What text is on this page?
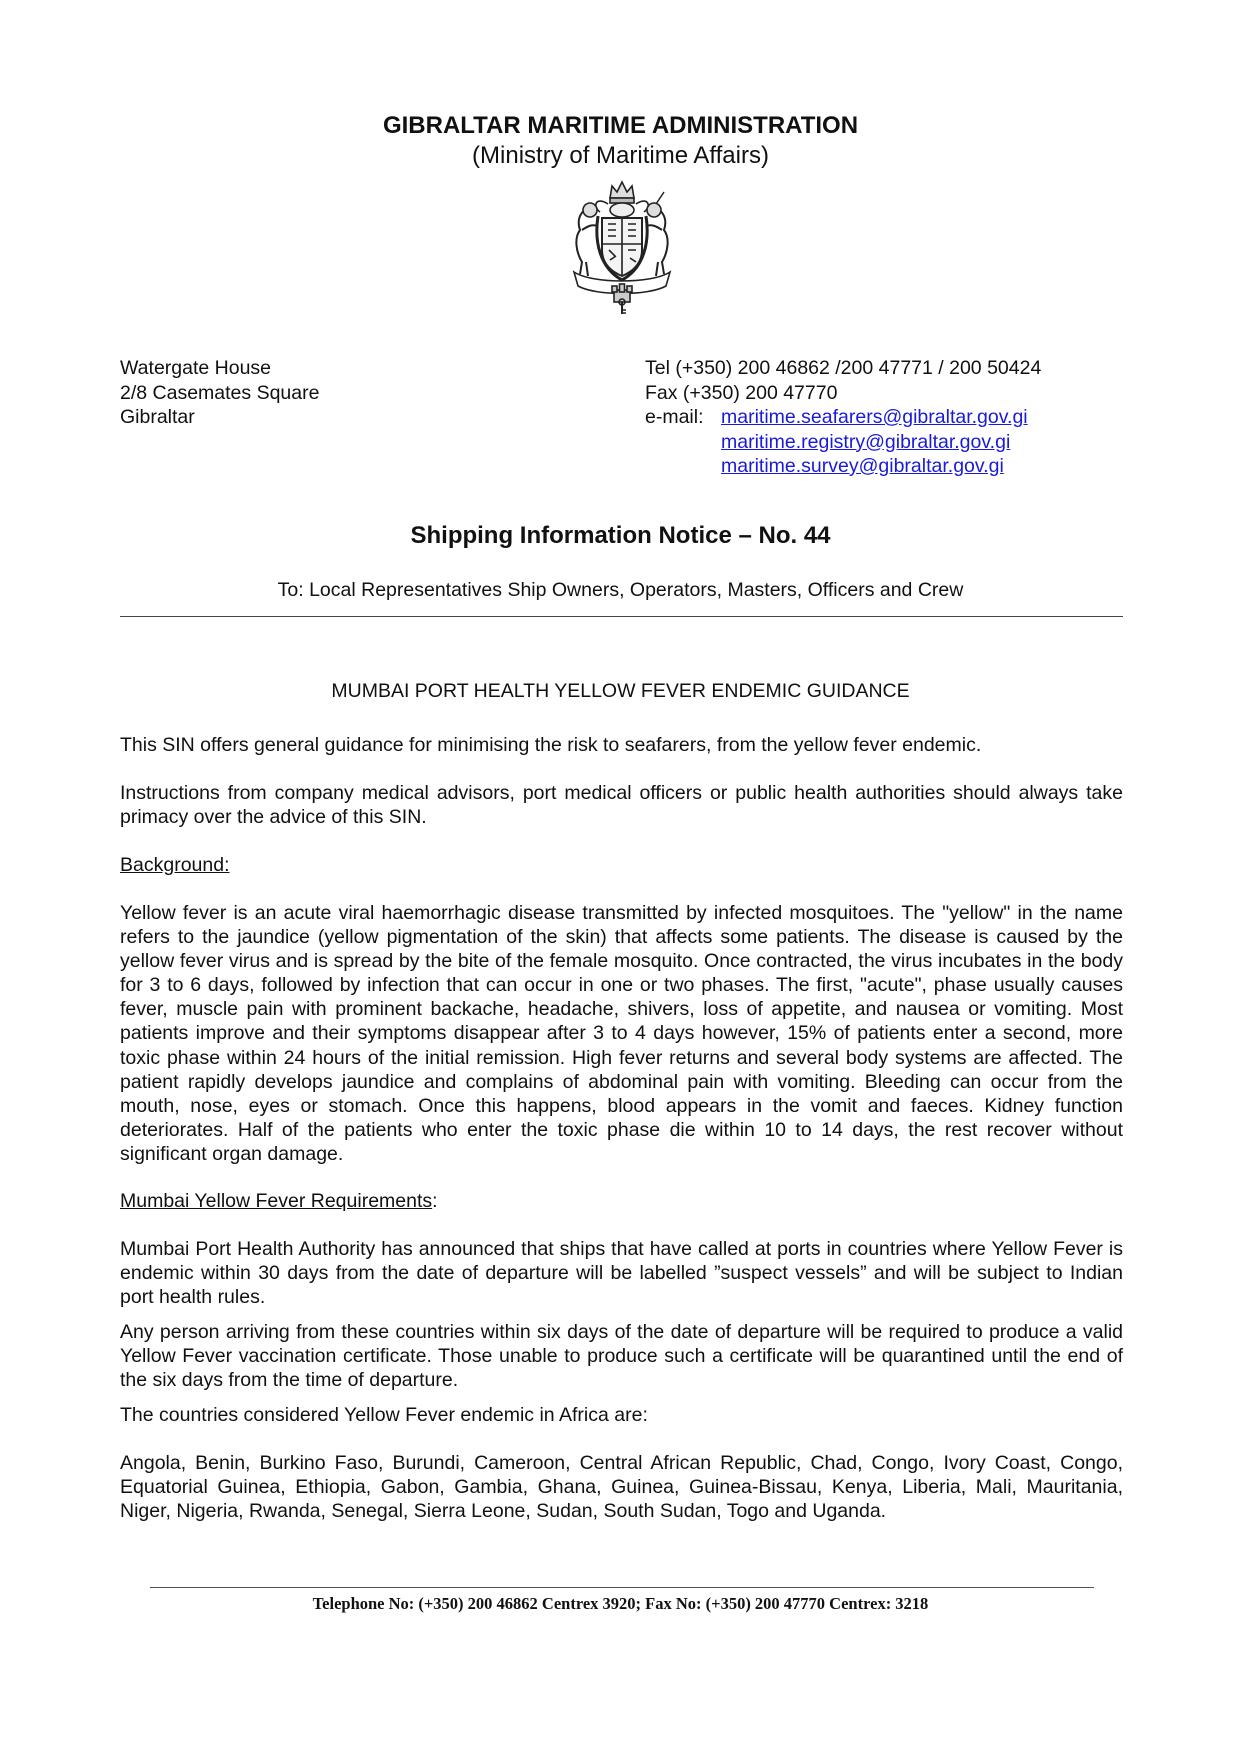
GIBRALTAR MARITIME ADMINISTRATION
(Ministry of Maritime Affairs)
Watergate House
2/8 Casemates Square
Gibraltar
Tel (+350) 200 46862 /200 47771 / 200 50424
Fax (+350) 200 47770
e-mail: maritime.seafarers@gibraltar.gov.gi
maritime.registry@gibraltar.gov.gi
maritime.survey@gibraltar.gov.gi
Shipping Information Notice – No. 44
To: Local Representatives Ship Owners, Operators, Masters, Officers and Crew
MUMBAI PORT HEALTH YELLOW FEVER ENDEMIC GUIDANCE

This SIN offers general guidance for minimising the risk to seafarers, from the yellow fever endemic.

Instructions from company medical advisors, port medical officers or public health authorities should always take primacy over the advice of this SIN.

Background:

Yellow fever is an acute viral haemorrhagic disease transmitted by infected mosquitoes. The "yellow" in the name refers to the jaundice (yellow pigmentation of the skin) that affects some patients. The disease is caused by the yellow fever virus and is spread by the bite of the female mosquito. Once contracted, the virus incubates in the body for 3 to 6 days, followed by infection that can occur in one or two phases. The first, "acute", phase usually causes fever, muscle pain with prominent backache, headache, shivers, loss of appetite, and nausea or vomiting. Most patients improve and their symptoms disappear after 3 to 4 days however, 15% of patients enter a second, more toxic phase within 24 hours of the initial remission. High fever returns and several body systems are affected. The patient rapidly develops jaundice and complains of abdominal pain with vomiting. Bleeding can occur from the mouth, nose, eyes or stomach. Once this happens, blood appears in the vomit and faeces. Kidney function deteriorates. Half of the patients who enter the toxic phase die within 10 to 14 days, the rest recover without significant organ damage.

Mumbai Yellow Fever Requirements:

Mumbai Port Health Authority has announced that ships that have called at ports in countries where Yellow Fever is endemic within 30 days from the date of departure will be labelled ”suspect vessels” and will be subject to Indian port health rules.

Any person arriving from these countries within six days of the date of departure will be required to produce a valid Yellow Fever vaccination certificate. Those unable to produce such a certificate will be quarantined until the end of the six days from the time of departure.

The countries considered Yellow Fever endemic in Africa are:

Angola, Benin, Burkino Faso, Burundi, Cameroon, Central African Republic, Chad, Congo, Ivory Coast, Congo, Equatorial Guinea, Ethiopia, Gabon, Gambia, Ghana, Guinea, Guinea-Bissau, Kenya, Liberia, Mali, Mauritania, Niger, Nigeria, Rwanda, Senegal, Sierra Leone, Sudan, South Sudan, Togo and Uganda.

Telephone No: (+350) 200 46862 Centrex 3920; Fax No: (+350) 200 47770 Centrex: 3218
